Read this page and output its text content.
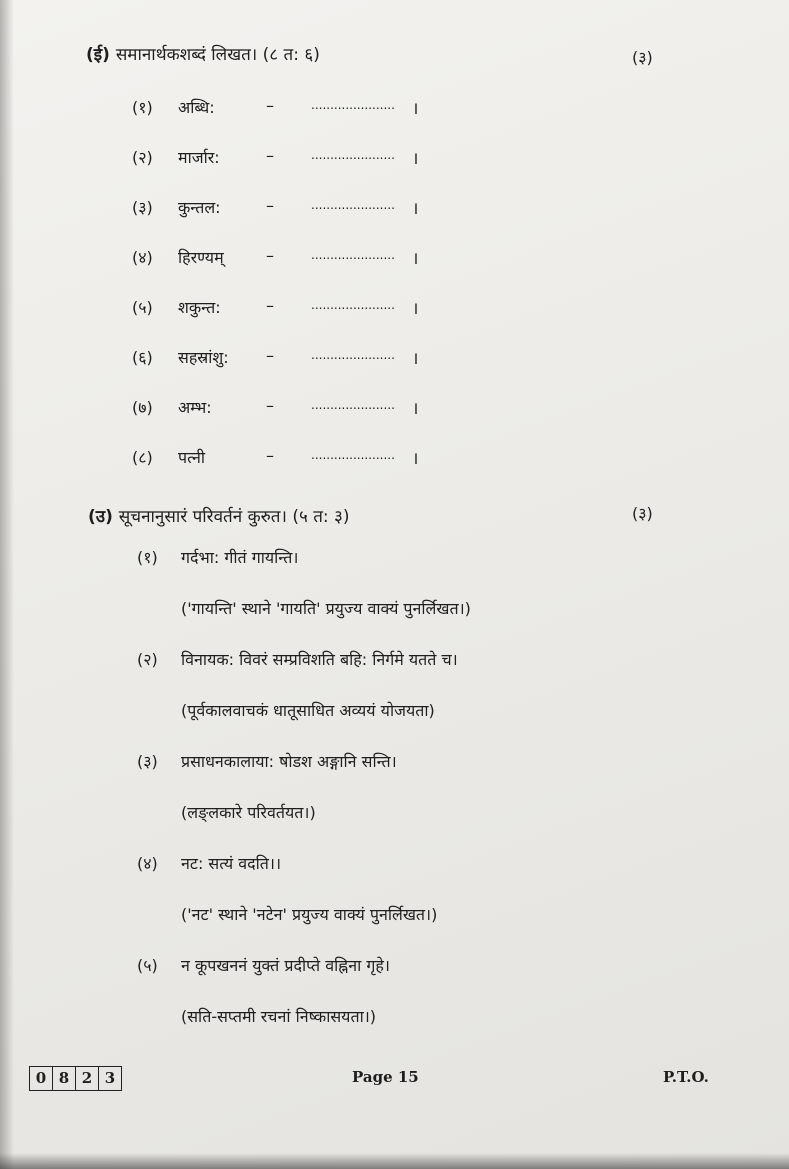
(ई) समानार्थकशब्दं लिखत। (८ त: ६)	(३)
(१) अब्धि:	–	...................... ।
(२) मार्जार:	–	...................... ।
(३) कुन्तल:	–	...................... ।
(४) हिरण्यम्	–	...................... ।
(५) शकुन्त:	–	...................... ।
(६) सहस्रांशु: –	...................... ।
(७) अम्भ:	–	...................... ।
(८) पत्नी	–	...................... ।
(उ) सूचनानुसारं परिवर्तनं कुरुत। (५ त: ३)	(३)
(१) गर्दभा: गीतं गायन्ति।
('गायन्ति' स्थाने 'गायति' प्रयुज्य वाक्यं पुनर्लिखत।)
(२) विनायक: विवरं सम्प्रविशति बहि: निर्गमे यतते च।
(पूर्वकालवाचकं धातूसाधित अव्ययं योजयता)
(३) प्रसाधनकालाया: षोडश अङ्गानि सन्ति।
(लङ्लकारे परिवर्तयत।)
(४) नट: सत्यं वदति।।
('नट' स्थाने 'नटेन' प्रयुज्य वाक्यं पुनर्लिखत।)
(५) न कूपखननं युक्तं प्रदीप्ते वह्निना गृहे।
(सति-सप्तमी रचनां निष्कासयता।)
0 8 2 3	Page 15	P.T.O.
